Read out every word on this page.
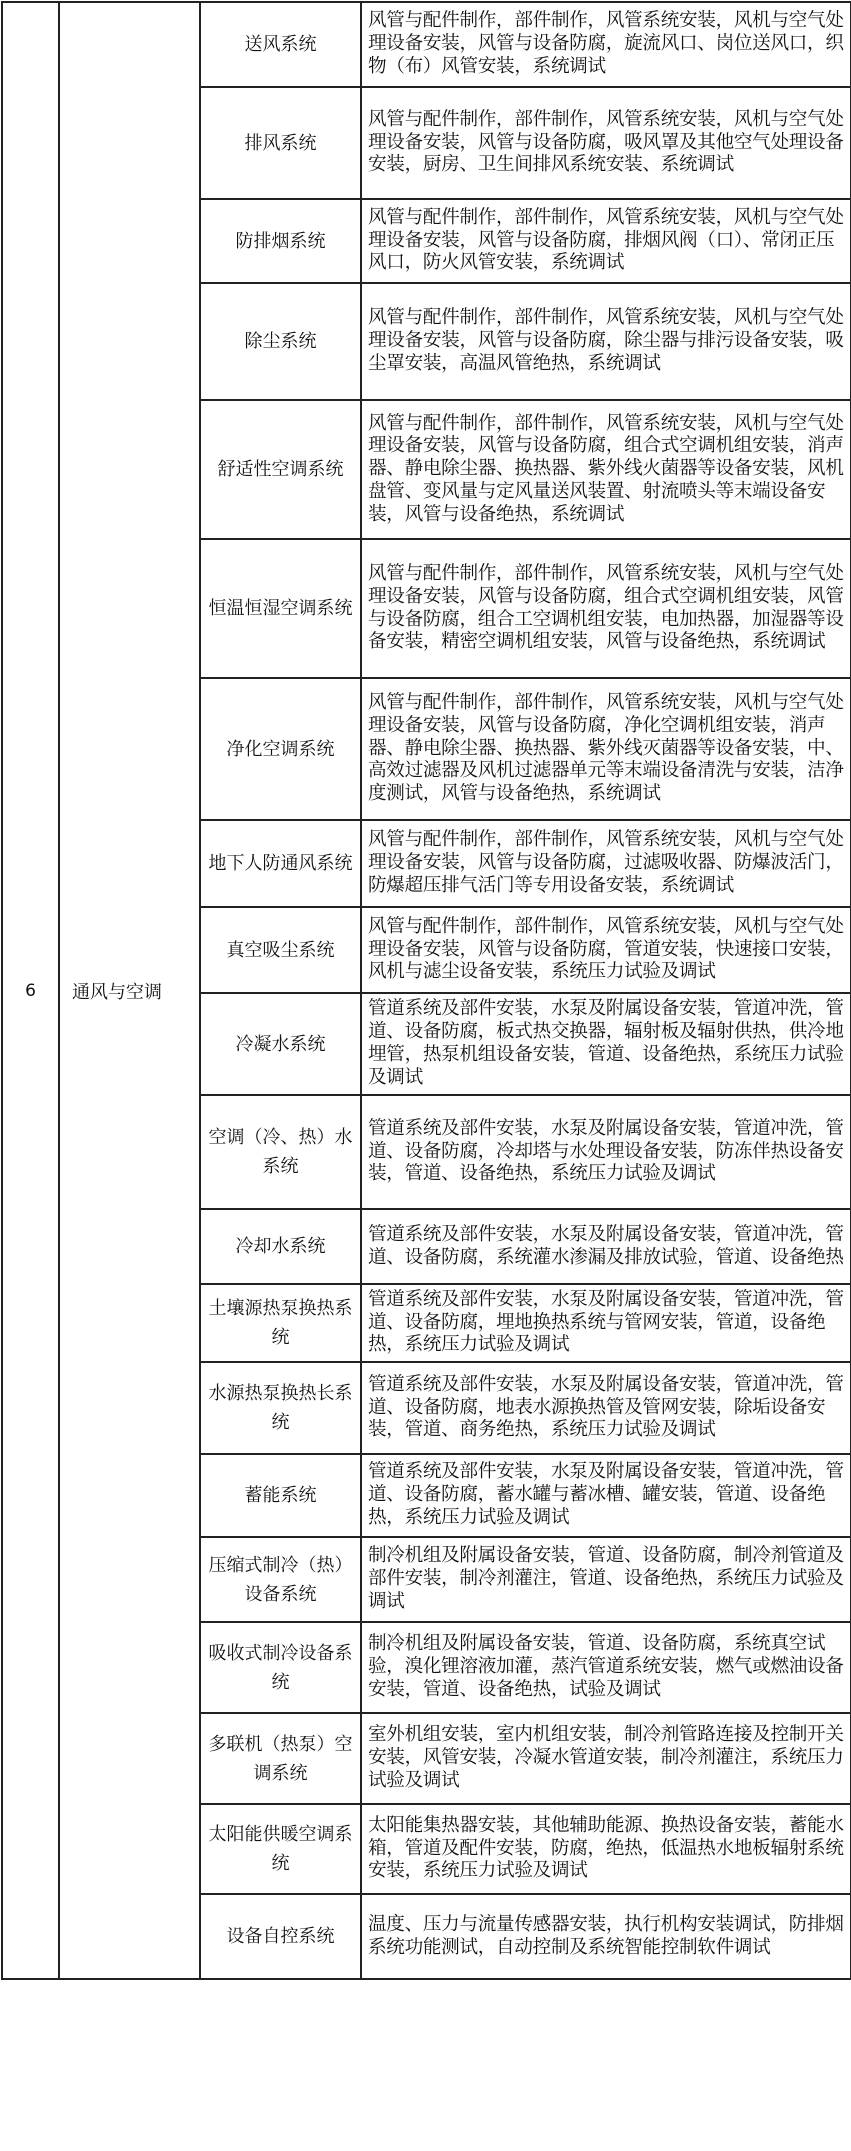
6	通风与空调	送风系统	风管与配件制作，部件制作，风管系统安装，风机与空气处理设备安装，风管与设备防腐，旋流风口、岗位送风口，织物（布）风管安装，系统调试
		排风系统	风管与配件制作，部件制作，风管系统安装，风机与空气处理设备安装，风管与设备防腐，吸风罩及其他空气处理设备安装，厨房、卫生间排风系统安装、系统调试
		防排烟系统	风管与配件制作，部件制作，风管系统安装，风机与空气处理设备安装，风管与设备防腐，排烟风阀（口）、常闭正压风口，防火风管安装，系统调试
		除尘系统	风管与配件制作，部件制作，风管系统安装，风机与空气处理设备安装，风管与设备防腐，除尘器与排污设备安装，吸尘罩安装，高温风管绝热，系统调试
		舒适性空调系统	风管与配件制作，部件制作，风管系统安装，风机与空气处理设备安装，风管与设备防腐，组合式空调机组安装，消声器、静电除尘器、换热器、紫外线火菌器等设备安装，风机盘管、变风量与定风量送风装置、射流喷头等末端设备安装，风管与设备绝热，系统调试
		恒温恒湿空调系统	风管与配件制作，部件制作，风管系统安装，风机与空气处理设备安装，风管与设备防腐，组合式空调机组安装，风管与设备防腐，组合工空调机组安装，电加热器，加湿器等设备安装，精密空调机组安装，风管与设备绝热，系统调试
		净化空调系统	风管与配件制作，部件制作，风管系统安装，风机与空气处理设备安装，风管与设备防腐，净化空调机组安装，消声器、静电除尘器、换热器、紫外线灭菌器等设备安装，中、高效过滤器及风机过滤器单元等末端设备清洗与安装，洁净度测试，风管与设备绝热，系统调试
		地下人防通风系统	风管与配件制作，部件制作，风管系统安装，风机与空气处理设备安装，风管与设备防腐，过滤吸收器、防爆波活门，防爆超压排气活门等专用设备安装，系统调试
		真空吸尘系统	风管与配件制作，部件制作，风管系统安装，风机与空气处理设备安装，风管与设备防腐，管道安装，快速接口安装，风机与滤尘设备安装，系统压力试验及调试
		冷凝水系统	管道系统及部件安装，水泵及附属设备安装，管道冲洗，管道、设备防腐，板式热交换器，辐射板及辐射供热，供冷地埋管，热泵机组设备安装，管道、设备绝热，系统压力试验及调试
		空调（冷、热）水系统	管道系统及部件安装，水泵及附属设备安装，管道冲洗，管道、设备防腐，冷却塔与水处理设备安装，防冻伴热设备安装，管道、设备绝热，系统压力试验及调试
		冷却水系统	管道系统及部件安装，水泵及附属设备安装，管道冲洗，管道、设备防腐，系统灌水渗漏及排放试验，管道、设备绝热
		土壤源热泵换热系统	管道系统及部件安装，水泵及附属设备安装，管道冲洗，管道、设备防腐，埋地换热系统与管网安装，管道，设备绝热，系统压力试验及调试
		水源热泵换热长系统	管道系统及部件安装，水泵及附属设备安装，管道冲洗，管道、设备防腐，地表水源换热管及管网安装，除垢设备安装，管道、商务绝热，系统压力试验及调试
		蓄能系统	管道系统及部件安装，水泵及附属设备安装，管道冲洗，管道、设备防腐，蓄水罐与蓄冰槽、罐安装，管道、设备绝热，系统压力试验及调试
		压缩式制冷（热）设备系统	制冷机组及附属设备安装，管道、设备防腐，制冷剂管道及部件安装，制冷剂灌注，管道、设备绝热，系统压力试验及调试
		吸收式制冷设备系统	制冷机组及附属设备安装，管道、设备防腐，系统真空试验，溴化锂溶液加灌，蒸汽管道系统安装，燃气或燃油设备安装，管道、设备绝热，试验及调试
		多联机（热泵）空调系统	室外机组安装，室内机组安装，制冷剂管路连接及控制开关安装，风管安装，冷凝水管道安装，制冷剂灌注，系统压力试验及调试
		太阳能供暖空调系统	太阳能集热器安装，其他辅助能源、换热设备安装，蓄能水箱，管道及配件安装，防腐，绝热，低温热水地板辐射系统安装，系统压力试验及调试
		设备自控系统	温度、压力与流量传感器安装，执行机构安装调试，防排烟系统功能测试，自动控制及系统智能控制软件调试
